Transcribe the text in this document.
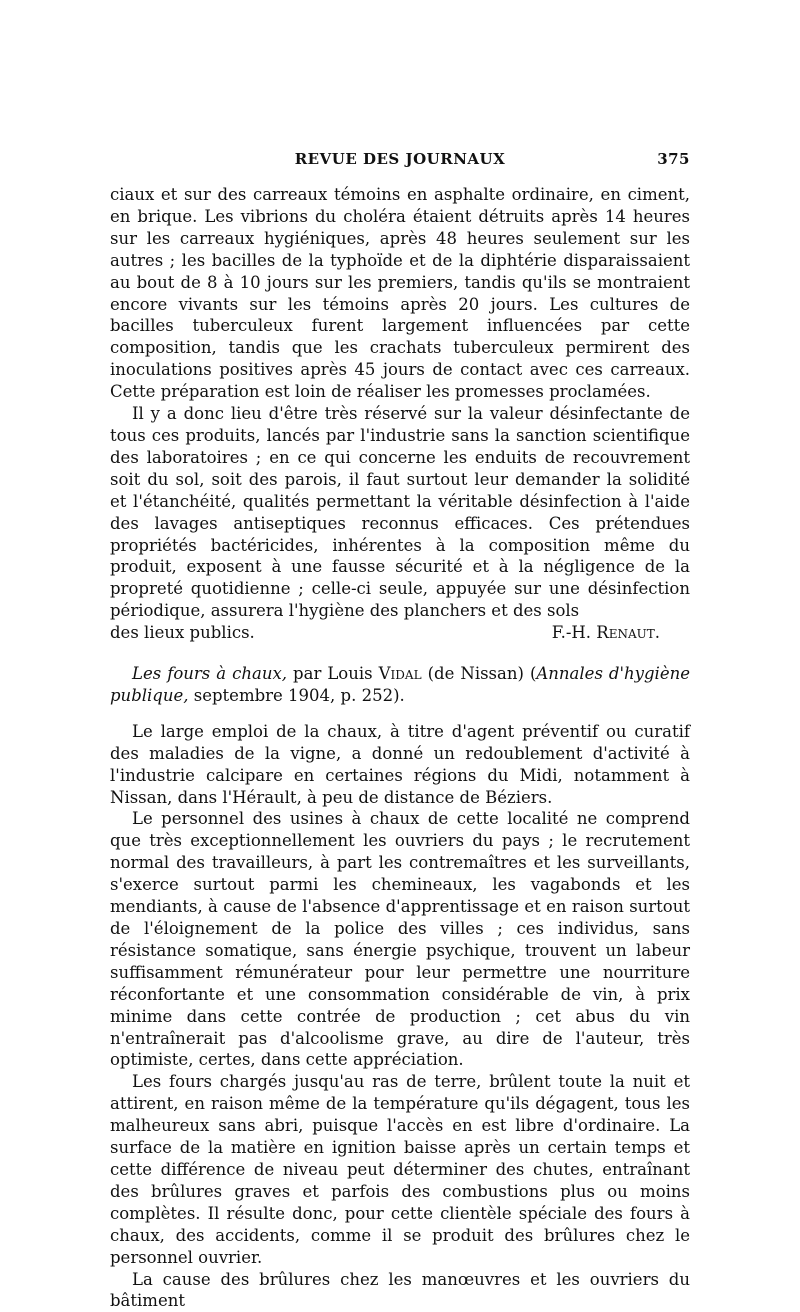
REVUE DES JOURNAUX	375

ciaux et sur des carreaux témoins en asphalte ordinaire, en ciment, en brique. Les vibrions du choléra étaient détruits après 14 heures sur les carreaux hygiéniques, après 48 heures seulement sur les autres ; les bacilles de la typhoïde et de la diphtérie disparaissaient au bout de 8 à 10 jours sur les premiers, tandis qu'ils se montraient encore vivants sur les témoins après 20 jours. Les cultures de bacilles tuberculeux furent largement influencées par cette composition, tandis que les crachats tuberculeux permirent des inoculations positives après 45 jours de contact avec ces carreaux. Cette préparation est loin de réaliser les promesses proclamées.

Il y a donc lieu d'être très réservé sur la valeur désinfectante de tous ces produits, lancés par l'industrie sans la sanction scientifique des laboratoires ; en ce qui concerne les enduits de recouvrement soit du sol, soit des parois, il faut surtout leur demander la solidité et l'étanchéité, qualités permettant la véritable désinfection à l'aide des lavages antiseptiques reconnus efficaces. Ces prétendues propriétés bactéricides, inhérentes à la composition même du produit, exposent à une fausse sécurité et à la négligence de la propreté quotidienne ; celle-ci seule, appuyée sur une désinfection périodique, assurera l'hygiène des planchers et des sols

des lieux publics.	F.-H. Renaut.

Les fours à chaux, par Louis Vidal (de Nissan) (Annales d'hygiène publique, septembre 1904, p. 252).

Le large emploi de la chaux, à titre d'agent préventif ou curatif des maladies de la vigne, a donné un redoublement d'activité à l'industrie calcipare en certaines régions du Midi, notamment à Nissan, dans l'Hérault, à peu de distance de Béziers.

Le personnel des usines à chaux de cette localité ne comprend que très exceptionnellement les ouvriers du pays ; le recrutement normal des travailleurs, à part les contremaîtres et les surveillants, s'exerce surtout parmi les chemineaux, les vagabonds et les mendiants, à cause de l'absence d'apprentissage et en raison surtout de l'éloignement de la police des villes ; ces individus, sans résistance somatique, sans énergie psychique, trouvent un labeur suffisamment rémunérateur pour leur permettre une nourriture réconfortante et une consommation considérable de vin, à prix minime dans cette contrée de production ; cet abus du vin n'entraînerait pas d'alcoolisme grave, au dire de l'auteur, très optimiste, certes, dans cette appréciation.

Les fours chargés jusqu'au ras de terre, brûlent toute la nuit et attirent, en raison même de la température qu'ils dégagent, tous les malheureux sans abri, puisque l'accès en est libre d'ordinaire. La surface de la matière en ignition baisse après un certain temps et cette différence de niveau peut déterminer des chutes, entraînant des brûlures graves et parfois des combustions plus ou moins complètes. Il résulte donc, pour cette clientèle spéciale des fours à chaux, des accidents, comme il se produit des brûlures chez le personnel ouvrier.

La cause des brûlures chez les manœuvres et les ouvriers du bâtiment
